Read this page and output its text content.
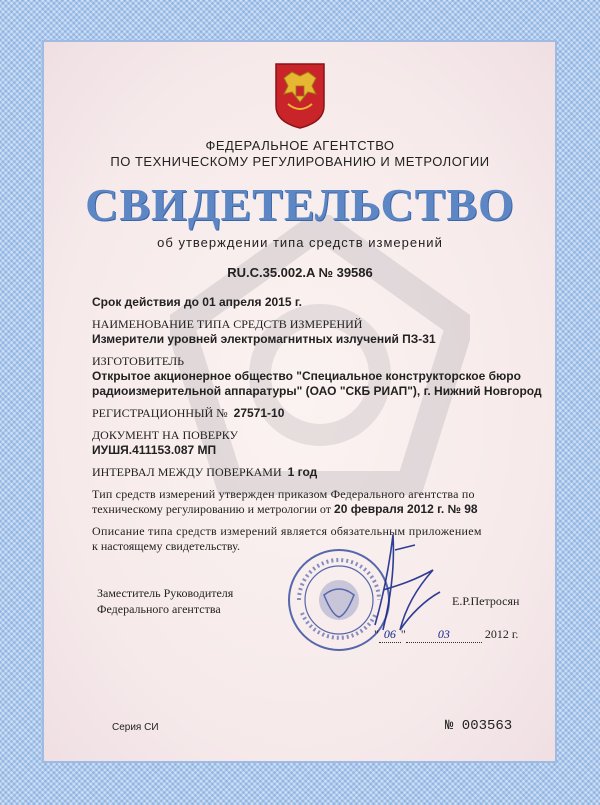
ФЕДЕРАЛЬНОЕ АГЕНТСТВО
ПО ТЕХНИЧЕСКОМУ РЕГУЛИРОВАНИЮ И МЕТРОЛОГИИ
СВИДЕТЕЛЬСТВО
об утверждении типа средств измерений
RU.C.35.002.A № 39586
Срок действия до 01 апреля 2015 г.
НАИМЕНОВАНИЕ ТИПА СРЕДСТВ ИЗМЕРЕНИЙ
Измерители уровней электромагнитных излучений ПЗ-31
ИЗГОТОВИТЕЛЬ
Открытое акционерное общество "Специальное конструкторское бюро
радиоизмерительной аппаратуры" (ОАО "СКБ РИАП"), г. Нижний Новгород
РЕГИСТРАЦИОННЫЙ № 27571-10
ДОКУМЕНТ НА ПОВЕРКУ
ИУШЯ.411153.087 МП
ИНТЕРВАЛ МЕЖДУ ПОВЕРКАМИ 1 год
Тип средств измерений утвержден приказом Федерального агентства по
техническому регулированию и метрологии от 20 февраля 2012 г. № 98
Описание типа средств измерений является обязательным приложением
к настоящему свидетельству.
Заместитель Руководителя
Федерального агентства
Е.Р.Петросян
" 06 "	03	2012 г.
Серия СИ	№ 003563
